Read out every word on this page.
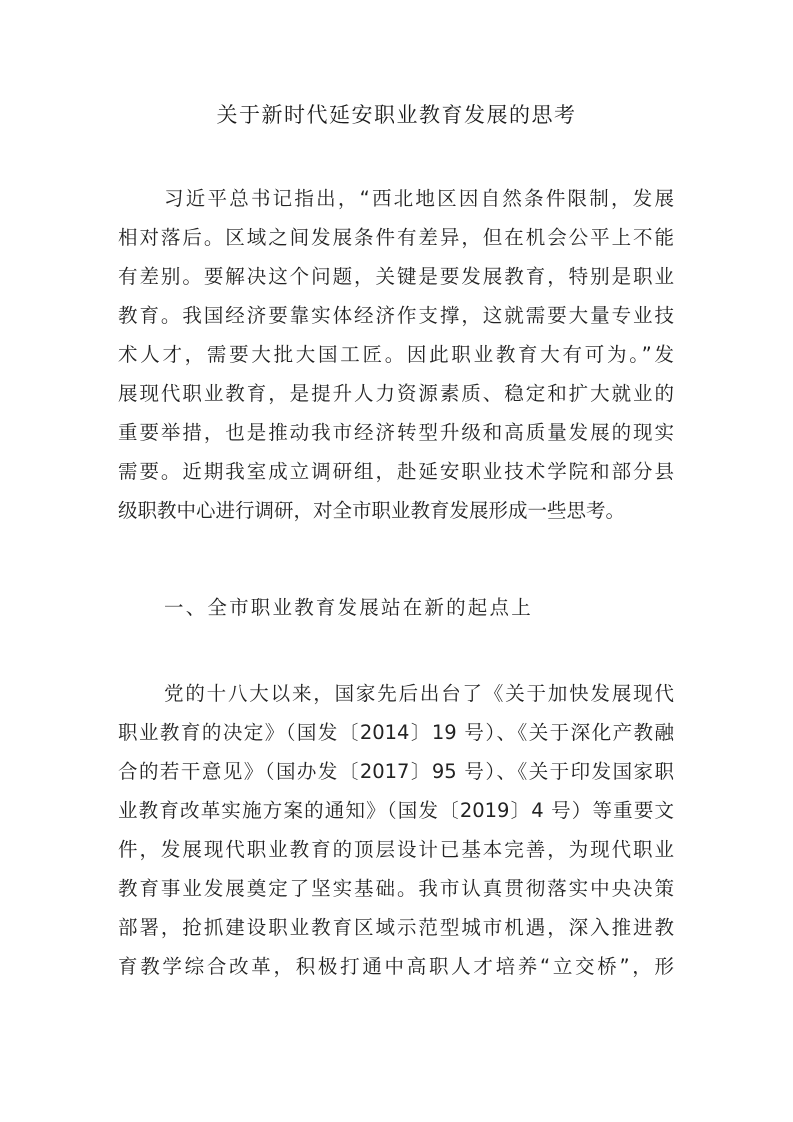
关于新时代延安职业教育发展的思考
习近平总书记指出，“西北地区因自然条件限制，发展
相对落后。区域之间发展条件有差异，但在机会公平上不能
有差别。要解决这个问题，关键是要发展教育，特别是职业
教育。我国经济要靠实体经济作支撑，这就需要大量专业技
术人才，需要大批大国工匠。因此职业教育大有可为。”发
展现代职业教育，是提升人力资源素质、稳定和扩大就业的
重要举措，也是推动我市经济转型升级和高质量发展的现实
需要。近期我室成立调研组，赴延安职业技术学院和部分县
级职教中心进行调研，对全市职业教育发展形成一些思考。
一、全市职业教育发展站在新的起点上
党的十八大以来，国家先后出台了《关于加快发展现代
职业教育的决定》（国发〔2014〕19 号）、《关于深化产教融
合的若干意见》（国办发〔2017〕95 号）、《关于印发国家职
业教育改革实施方案的通知》（国发〔2019〕4 号）等重要文
件，发展现代职业教育的顶层设计已基本完善，为现代职业
教育事业发展奠定了坚实基础。我市认真贯彻落实中央决策
部署，抢抓建设职业教育区域示范型城市机遇，深入推进教
育教学综合改革，积极打通中高职人才培养“立交桥”，形
